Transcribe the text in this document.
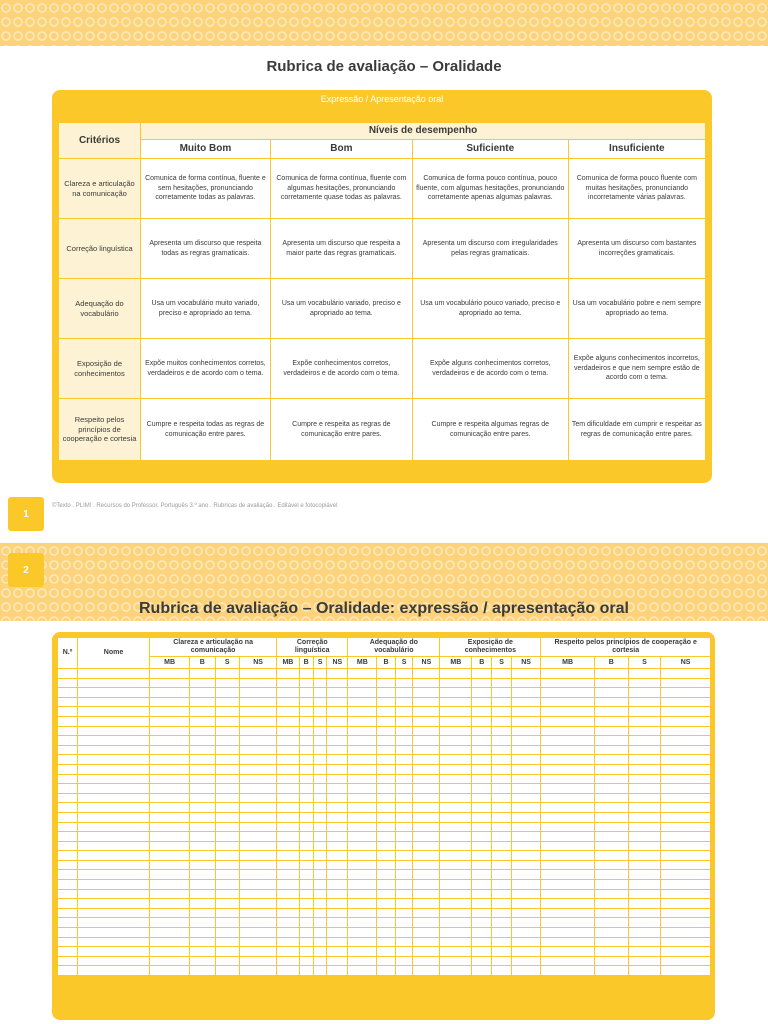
Rubrica de avaliação – Oralidade
Expressão / Apresentação oral
Critérios	Níveis de desempenho			
	Muito Bom	Bom	Suficiente	Insuficiente
Clareza e articulação na comunicação	Comunica de forma contínua, fluente e sem hesitações, pronunciando corretamente todas as palavras.	Comunica de forma contínua, fluente com algumas hesitações, pronunciando corretamente quase todas as palavras.	Comunica de forma pouco contínua, pouco fluente, com algumas hesitações, pronunciando corretamente apenas algumas palavras.	Comunica de forma pouco fluente com muitas hesitações, pronunciando incorretamente várias palavras.
Correção linguística	Apresenta um discurso que respeita todas as regras gramaticais.	Apresenta um discurso que respeita a maior parte das regras gramaticais.	Apresenta um discurso com irregularidades pelas regras gramaticais.	Apresenta um discurso com bastantes incorreções gramaticais.
Adequação do vocabulário	Usa um vocabulário muito variado, preciso e apropriado ao tema.	Usa um vocabulário variado, preciso e apropriado ao tema.	Usa um vocabulário pouco variado, preciso e apropriado ao tema.	Usa um vocabulário pobre e nem sempre apropriado ao tema.
Exposição de conhecimentos	Expõe muitos conhecimentos corretos, verdadeiros e de acordo com o tema.	Expõe conhecimentos corretos, verdadeiros e de acordo com o tema.	Expõe alguns conhecimentos corretos, verdadeiros e de acordo com o tema.	Expõe alguns conhecimentos incorretos, verdadeiros e que nem sempre estão de acordo com o tema.
Respeito pelos princípios de cooperação e cortesia	Cumpre e respeita todas as regras de comunicação entre pares.	Cumpre e respeita as regras de comunicação entre pares.	Cumpre e respeita algumas regras de comunicação entre pares.	Tem dificuldade em cumprir e respeitar as regras de comunicação entre pares.
1
©Texto . PLIM! . Recursos do Professor. Português 3.º ano . Rubricas de avaliação . Editável e fotocopiável
2
Rubrica de avaliação – Oralidade: expressão / apresentação oral
N.º	Nome	Clareza e articulação na comunicação				Correção linguística				Adequação do vocabulário				Exposição de conhecimentos				Respeito pelos princípios de cooperação e cortesia			
		MB	B	S	NS	MB	B	S	NS	MB	B	S	NS	MB	B	S	NS	MB	B	S	NS
